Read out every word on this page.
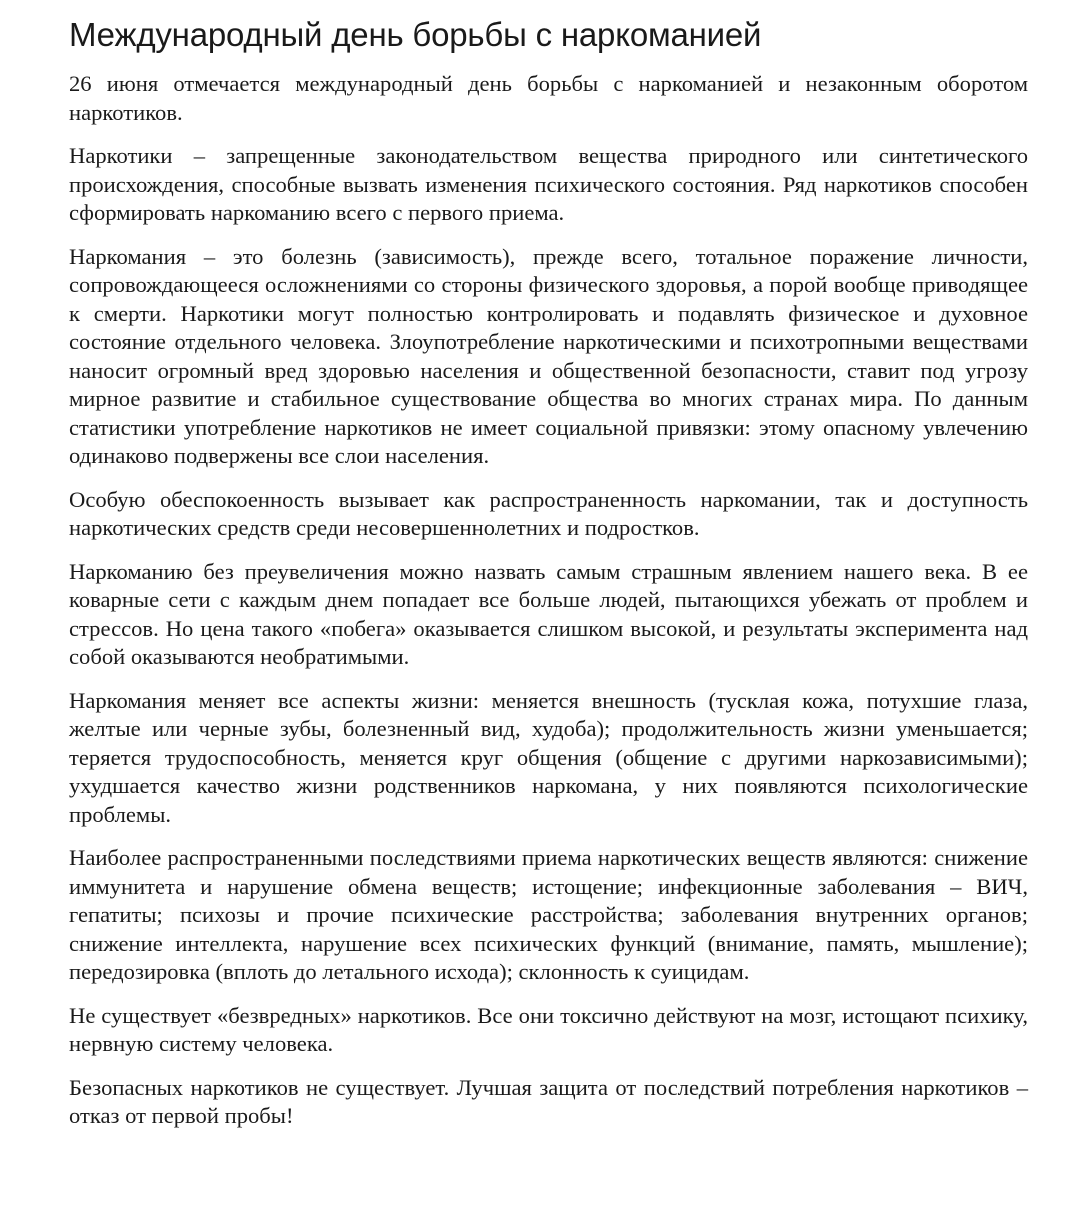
Международный день борьбы с наркоманией

26 июня отмечается международный день борьбы с наркоманией и незаконным оборотом наркотиков.

Наркотики – запрещенные законодательством вещества природного или синтетического происхождения, способные вызвать изменения психического состояния. Ряд наркотиков способен сформировать наркоманию всего с первого приема.

Наркомания – это болезнь (зависимость), прежде всего, тотальное поражение личности, сопровождающееся осложнениями со стороны физического здоровья, а порой вообще приводящее к смерти. Наркотики могут полностью контролировать и подавлять физическое и духовное состояние отдельного человека. Злоупотребление наркотическими и психотропными веществами наносит огромный вред здоровью населения и общественной безопасности, ставит под угрозу мирное развитие и стабильное существование общества во многих странах мира. По данным статистики употребление наркотиков не имеет социальной привязки: этому опасному увлечению одинаково подвержены все слои населения.

Особую обеспокоенность вызывает как распространенность наркомании, так и доступность наркотических средств среди несовершеннолетних и подростков.

Наркоманию без преувеличения можно назвать самым страшным явлением нашего века. В ее коварные сети с каждым днем попадает все больше людей, пытающихся убежать от проблем и стрессов. Но цена такого «побега» оказывается слишком высокой, и результаты эксперимента над собой оказываются необратимыми.

Наркомания меняет все аспекты жизни: меняется внешность (тусклая кожа, потухшие глаза, желтые или черные зубы, болезненный вид, худоба); продолжительность жизни уменьшается; теряется трудоспособность, меняется круг общения (общение с другими наркозависимыми); ухудшается качество жизни родственников наркомана, у них появляются психологические проблемы.

Наиболее распространенными последствиями приема наркотических веществ являются: снижение иммунитета и нарушение обмена веществ; истощение; инфекционные заболевания – ВИЧ, гепатиты; психозы и прочие психические расстройства; заболевания внутренних органов; снижение интеллекта, нарушение всех психических функций (внимание, память, мышление); передозировка (вплоть до летального исхода); склонность к суицидам.

Не существует «безвредных» наркотиков. Все они токсично действуют на мозг, истощают психику, нервную систему человека.

Безопасных наркотиков не существует. Лучшая защита от последствий потребления наркотиков – отказ от первой пробы!
